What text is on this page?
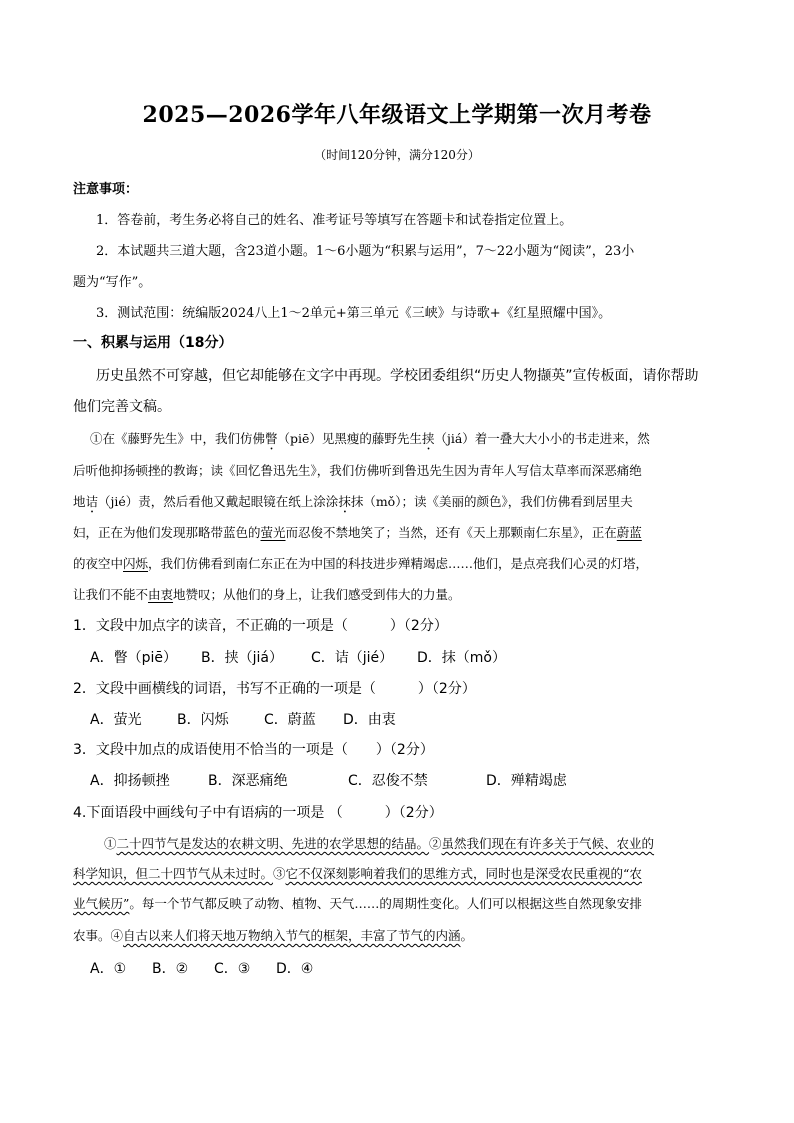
2025—2026学年八年级语文上学期第一次月考卷
（时间120分钟，满分120分）
注意事项：
1．答卷前，考生务必将自己的姓名、准考证号等填写在答题卡和试卷指定位置上。
2．本试题共三道大题，含23道小题。1～6小题为“积累与运用”，7～22小题为“阅读”，23小
题为“写作”。
3．测试范围：统编版2024八上1～2单元+第三单元《三峡》与诗歌+《红星照耀中国》。
一、积累与运用（18分）
历史虽然不可穿越，但它却能够在文字中再现。学校团委组织“历史人物撷英”宣传板面，请你帮助
他们完善文稿。
①在《藤野先生》中，我们仿佛瞥（piē）见黑瘦的藤野先生挟（jiá）着一叠大大小小的书走进来，然
后听他抑扬顿挫的教诲；读《回忆鲁迅先生》，我们仿佛听到鲁迅先生因为青年人写信太草率而深恶痛绝
地诘（jié）责，然后看他又戴起眼镜在纸上涂涂抹抹（mǒ）；读《美丽的颜色》，我们仿佛看到居里夫
妇，正在为他们发现那略带蓝色的萤光而忍俊不禁地笑了；当然，还有《天上那颗南仁东星》，正在蔚蓝
的夜空中闪烁，我们仿佛看到南仁东正在为中国的科技进步殚精竭虑……他们，是点亮我们心灵的灯塔，
让我们不能不由衷地赞叹；从他们的身上，让我们感受到伟大的力量。
1．文段中加点字的读音，不正确的一项是（　　　）（2分）
A．瞥（piē） B．挟（jiá） C．诘（jié） D．抹（mǒ）
2．文段中画横线的词语，书写不正确的一项是（　　　）（2分）
A．萤光	B．闪烁	C．蔚蓝 D．由衷
3．文段中加点的成语使用不恰当的一项是（　　）（2分）
A．抑扬顿挫	B．深恶痛绝	C．忍俊不禁	D．殚精竭虑
4.下面语段中画线句子中有语病的一项是 （　　　）（2分）
①二十四节气是发达的农耕文明、先进的农学思想的结晶。②虽然我们现在有许多关于气候、农业的
科学知识，但二十四节气从未过时。③它不仅深刻影响着我们的思维方式，同时也是深受农民重视的“农
业气候历”。每一个节气都反映了动物、植物、天气……的周期性变化。人们可以根据这些自然现象安排
农事。④自古以来人们将天地万物纳入节气的框架，丰富了节气的内涵。
A．① B．② C．③ D．④
